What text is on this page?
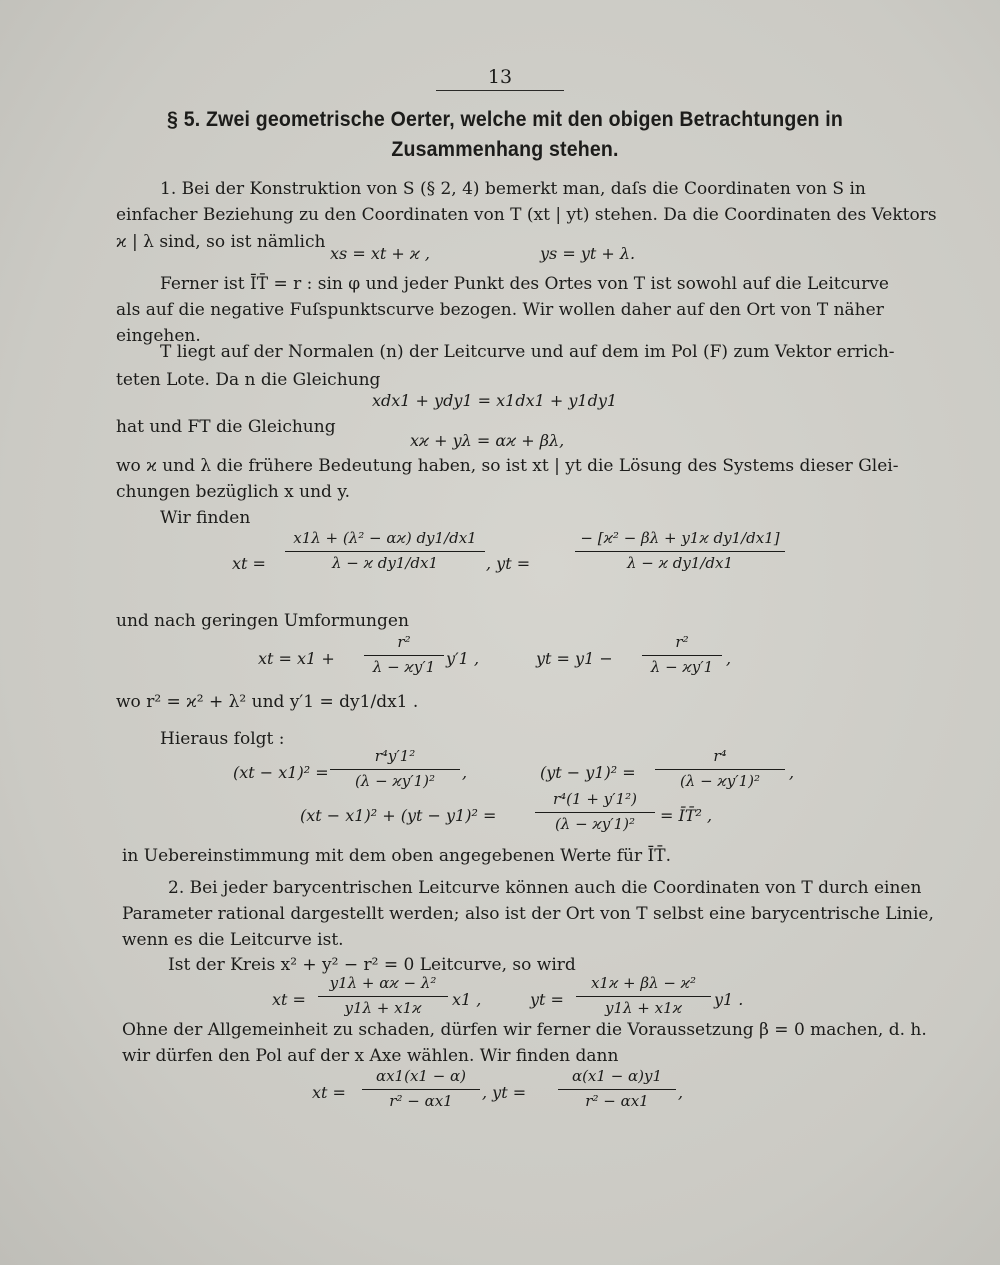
13
§ 5. Zwei geometrische Oerter, welche mit den obigen Betrachtungen in
Zusammenhang stehen.
1. Bei der Konstruktion von S (§ 2, 4) bemerkt man, daſs die Coordinaten von S in
einfacher Beziehung zu den Coordinaten von T (xt | yt) stehen. Da die Coordinaten des Vektors
ϰ | λ sind, so ist nämlich
xs = xt + ϰ ,	ys = yt + λ.
Ferner ist ĪT̄ = r : sin φ und jeder Punkt des Ortes von T ist sowohl auf die Leitcurve
als auf die negative Fuſspunktscurve bezogen. Wir wollen daher auf den Ort von T näher
eingehen.
T liegt auf der Normalen (n) der Leitcurve und auf dem im Pol (F) zum Vektor errich-
teten Lote. Da n die Gleichung
xdx1 + ydy1 = x1dx1 + y1dy1
hat und FT die Gleichung
xϰ + yλ = αϰ + βλ,
wo ϰ und λ die frühere Bedeutung haben, so ist xt | yt die Lösung des Systems dieser Glei-
chungen bezüglich x und y.
Wir finden
xt =
x1λ + (λ² − αϰ) dy1/dx1
λ − ϰ dy1/dx1	, yt =
− [ϰ² − βλ + y1ϰ dy1/dx1]
λ − ϰ dy1/dx1
und nach geringen Umformungen
xt = x1 +
r²
λ − ϰy′1 y′1 ,	yt = y1 −
r²
λ − ϰy′1 ,
wo r² = ϰ² + λ² und y′1 = dy1/dx1 .
Hieraus folgt :
(xt − x1)² =
r⁴y′1²
(λ − ϰy′1)²	,	(yt − y1)² =
r⁴
(λ − ϰy′1)²	,
(xt − x1)² + (yt − y1)² =
r⁴(1 + y′1²)
(λ − ϰy′1)²	= ĪT̄² ,
in Uebereinstimmung mit dem oben angegebenen Werte für ĪT̄.
2. Bei jeder barycentrischen Leitcurve können auch die Coordinaten von T durch einen
Parameter rational dargestellt werden; also ist der Ort von T selbst eine barycentrische Linie,
wenn es die Leitcurve ist.
Ist der Kreis x² + y² − r² = 0 Leitcurve, so wird
xt =
y1λ + αϰ − λ²
y1λ + x1ϰ	x1 ,	yt =
x1ϰ + βλ − ϰ²
y1λ + x1ϰ	y1 .
Ohne der Allgemeinheit zu schaden, dürfen wir ferner die Voraussetzung β = 0 machen, d. h.
wir dürfen den Pol auf der x Axe wählen. Wir finden dann
xt =
αx1(x1 − α)
r² − αx1	, yt =
α(x1 − α)y1
r² − αx1	,
